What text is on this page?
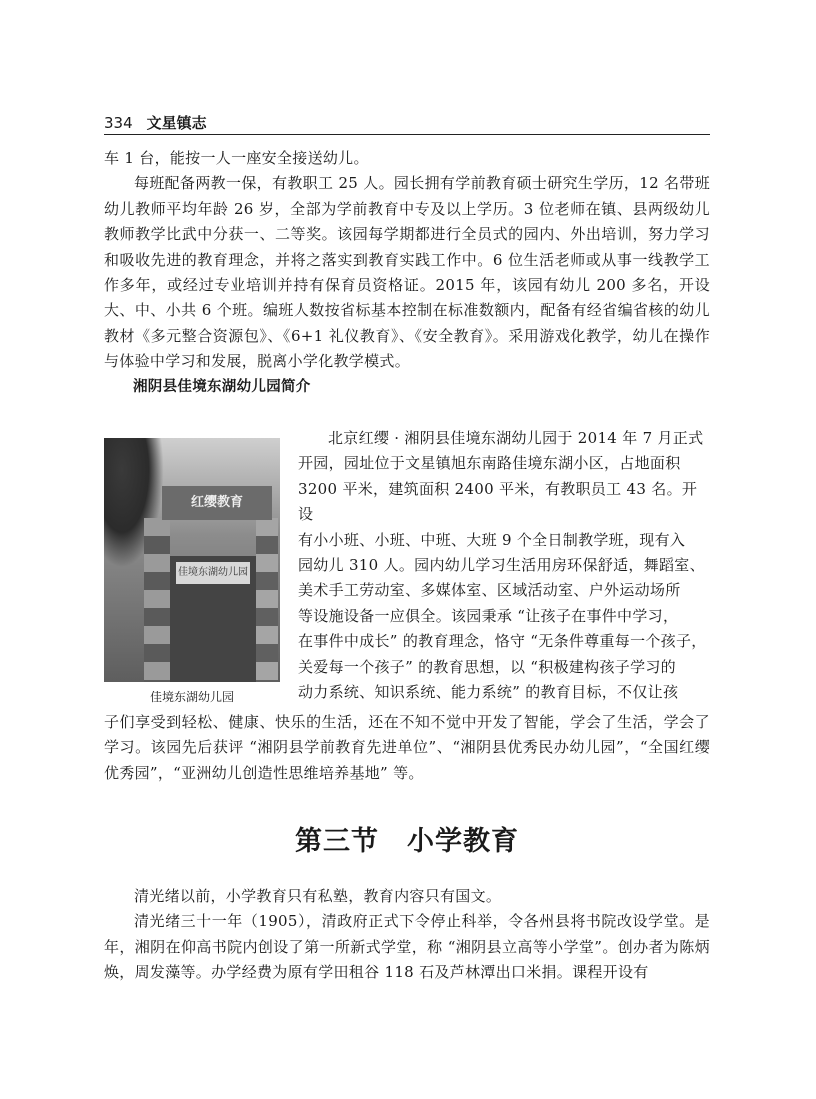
334 文星镇志

车 1 台，能按一人一座安全接送幼儿。

每班配备两教一保，有教职工 25 人。园长拥有学前教育硕士研究生学历，12 名带班幼儿教师平均年龄 26 岁，全部为学前教育中专及以上学历。3 位老师在镇、县两级幼儿教师教学比武中分获一、二等奖。该园每学期都进行全员式的园内、外出培训，努力学习和吸收先进的教育理念，并将之落实到教育实践工作中。6 位生活老师或从事一线教学工作多年，或经过专业培训并持有保育员资格证。2015 年，该园有幼儿 200 多名，开设大、中、小共 6 个班。编班人数按省标基本控制在标准数额内，配备有经省编省核的幼儿教材《多元整合资源包》、《6+1 礼仪教育》、《安全教育》。采用游戏化教学，幼儿在操作与体验中学习和发展，脱离小学化教学模式。

湘阴县佳境东湖幼儿园简介

红缨教育
佳境东湖幼儿园
佳境东湖幼儿园
北京红缨 · 湘阴县佳境东湖幼儿园于 2014 年 7 月正式
开园，园址位于文星镇旭东南路佳境东湖小区，占地面积
3200 平米，建筑面积 2400 平米，有教职员工 43 名。开设
有小小班、小班、中班、大班 9 个全日制教学班，现有入
园幼儿 310 人。园内幼儿学习生活用房环保舒适，舞蹈室、
美术手工劳动室、多媒体室、区域活动室、户外运动场所
等设施设备一应俱全。该园秉承 “让孩子在事件中学习，
在事件中成长” 的教育理念，恪守 “无条件尊重每一个孩子，
关爱每一个孩子” 的教育思想，以 “积极建构孩子学习的
动力系统、知识系统、能力系统” 的教育目标，不仅让孩

子们享受到轻松、健康、快乐的生活，还在不知不觉中开发了智能，学会了生活，学会了学习。该园先后获评 “湘阴县学前教育先进单位”、“湘阴县优秀民办幼儿园”，“全国红缨优秀园”，“亚洲幼儿创造性思维培养基地” 等。

第三节　小学教育

清光绪以前，小学教育只有私塾，教育内容只有国文。

清光绪三十一年（1905），清政府正式下令停止科举，令各州县将书院改设学堂。是年，湘阴在仰高书院内创设了第一所新式学堂，称 “湘阴县立高等小学堂”。创办者为陈炳焕，周发藻等。办学经费为原有学田租谷 118 石及芦林潭出口米捐。课程开设有
